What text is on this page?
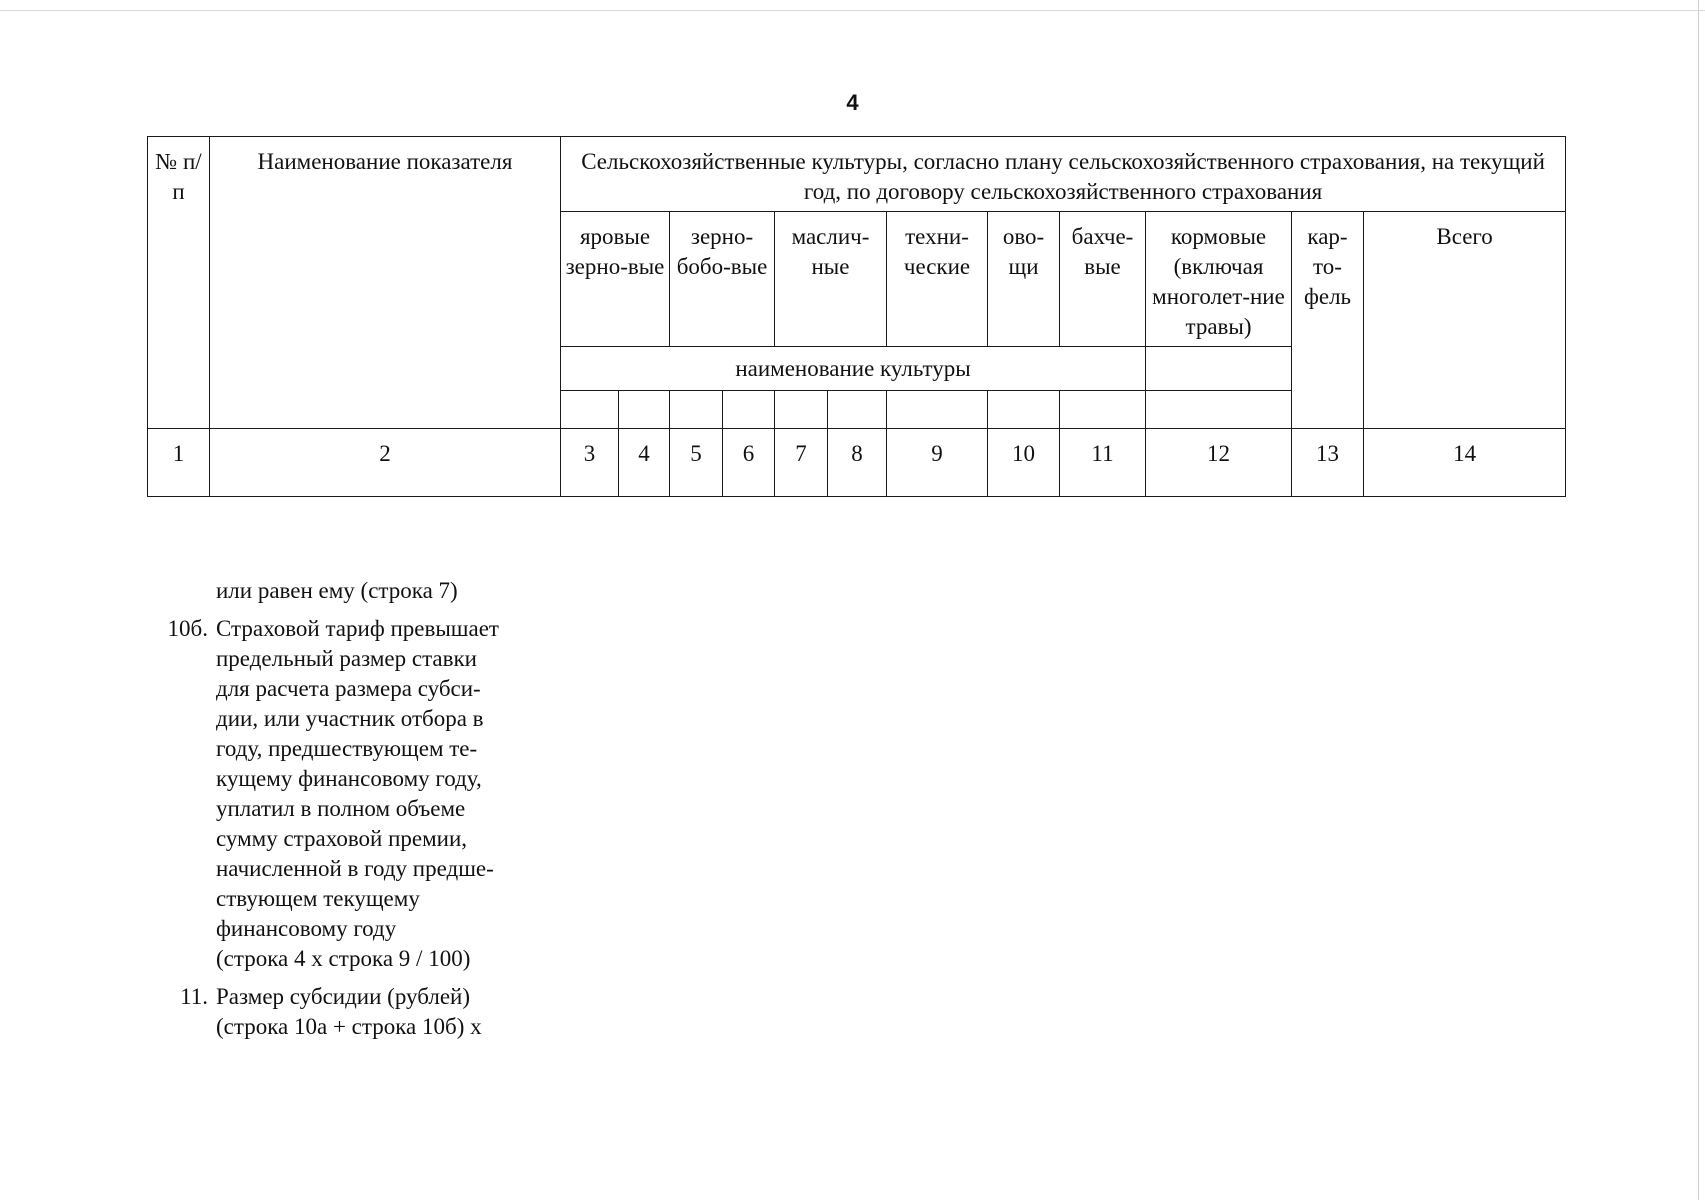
4
№ п/п	Наименование показателя	Сельскохозяйственные культуры, согласно плану сельскохозяйственного страхования, на текущий год, по договору сельскохозяйственного страхования											
		яровые зерно-вые		зерно-бобо-вые		маслич-ные		техни-ческие	ово-щи	бахче-вые	кормовые (включая многолет-ние травы)	кар-то-фель	Всего
		наименование культуры											

1	2	3	4	5	6	7	8	9	10	11	12	13	14
или равен ему (строка 7)
10б. Страховой тариф превышает
предельный размер ставки
для расчета размера субси-
дии, или участник отбора в
году, предшествующем те-
кущему финансовому году,
уплатил в полном объеме
сумму страховой премии,
начисленной в году предше-
ствующем текущему
финансовому году
(строка 4 x строка 9 / 100)
11. Размер субсидии (рублей)
(строка 10а + строка 10б) x
